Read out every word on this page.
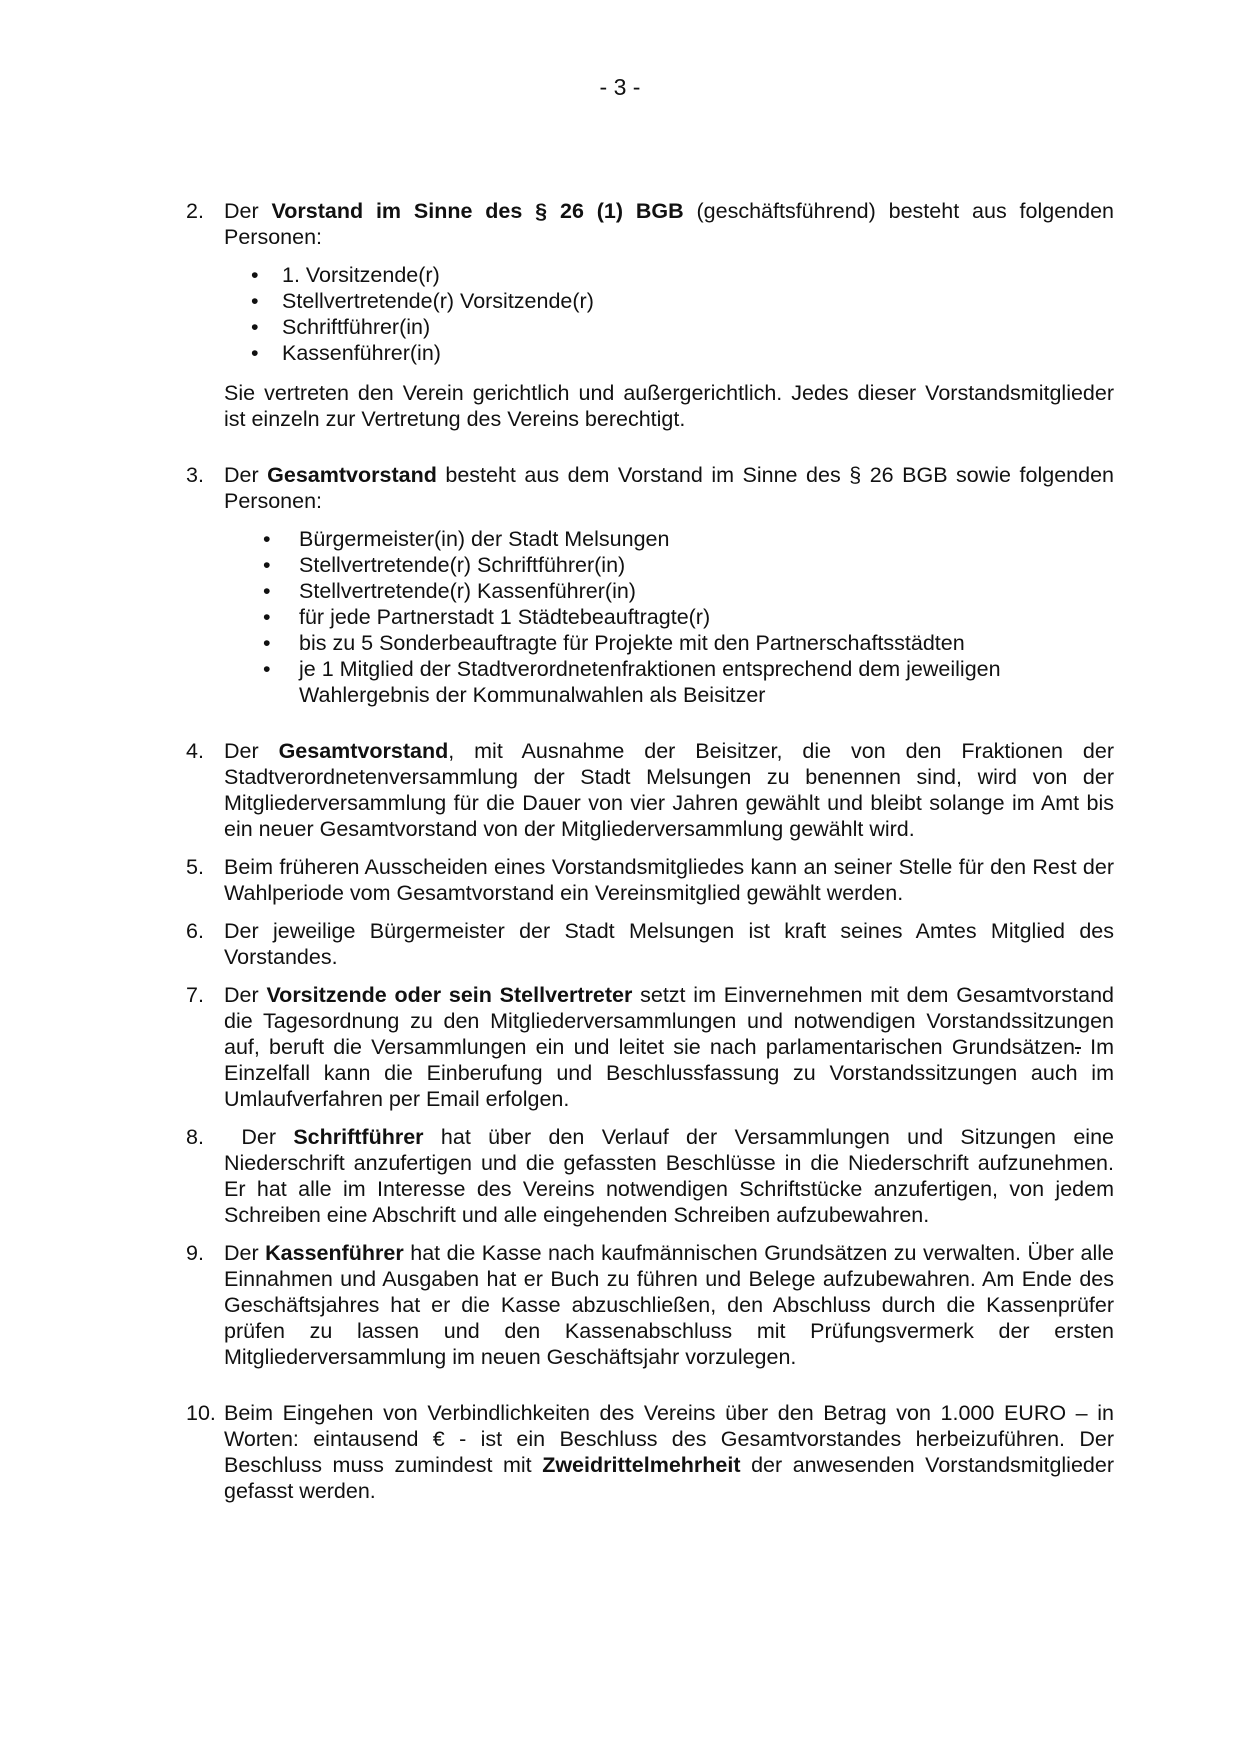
- 3 -
2. Der Vorstand im Sinne des § 26 (1) BGB (geschäftsführend) besteht aus folgenden Personen:

• 1. Vorsitzende(r)
• Stellvertretende(r) Vorsitzende(r)
• Schriftführer(in)
• Kassenführer(in)

Sie vertreten den Verein gerichtlich und außergerichtlich. Jedes dieser Vorstandsmitglieder ist einzeln zur Vertretung des Vereins berechtigt.

3. Der Gesamtvorstand besteht aus dem Vorstand im Sinne des § 26 BGB sowie folgenden Personen:

• Bürgermeister(in) der Stadt Melsungen
• Stellvertretende(r) Schriftführer(in)
• Stellvertretende(r) Kassenführer(in)
• für jede Partnerstadt 1 Städtebeauftragte(r)
• bis zu 5 Sonderbeauftragte für Projekte mit den Partnerschaftsstädten
• je 1 Mitglied der Stadtverordnetenfraktionen entsprechend dem jeweiligen Wahlergebnis der Kommunalwahlen als Beisitzer
4. Der Gesamtvorstand, mit Ausnahme der Beisitzer, die von den Fraktionen der Stadtverordnetenversammlung der Stadt Melsungen zu benennen sind, wird von der Mitgliederversammlung für die Dauer von vier Jahren gewählt und bleibt solange im Amt bis ein neuer Gesamtvorstand von der Mitgliederversammlung gewählt wird.

5. Beim früheren Ausscheiden eines Vorstandsmitgliedes kann an seiner Stelle für den Rest der Wahlperiode vom Gesamtvorstand ein Vereinsmitglied gewählt werden.

6. Der jeweilige Bürgermeister der Stadt Melsungen ist kraft seines Amtes Mitglied des Vorstandes.

7. Der Vorsitzende oder sein Stellvertreter setzt im Einvernehmen mit dem Gesamtvorstand die Tagesordnung zu den Mitgliederversammlungen und notwendigen Vorstandssitzungen auf, beruft die Versammlungen ein und leitet sie nach parlamentarischen Grundsätzen. Im Einzelfall kann die Einberufung und Beschlussfassung zu Vorstandssitzungen auch im Umlaufverfahren per Email erfolgen.

8. Der Schriftführer hat über den Verlauf der Versammlungen und Sitzungen eine Niederschrift anzufertigen und die gefassten Beschlüsse in die Niederschrift aufzunehmen. Er hat alle im Interesse des Vereins notwendigen Schriftstücke anzufertigen, von jedem Schreiben eine Abschrift und alle eingehenden Schreiben aufzubewahren.

9. Der Kassenführer hat die Kasse nach kaufmännischen Grundsätzen zu verwalten. Über alle Einnahmen und Ausgaben hat er Buch zu führen und Belege aufzubewahren. Am Ende des Geschäftsjahres hat er die Kasse abzuschließen, den Abschluss durch die Kassenprüfer prüfen zu lassen und den Kassenabschluss mit Prüfungsvermerk der ersten Mitgliederversammlung im neuen Geschäftsjahr vorzulegen.

10. Beim Eingehen von Verbindlichkeiten des Vereins über den Betrag von 1.000 EURO – in Worten: eintausend € - ist ein Beschluss des Gesamtvorstandes herbeizuführen. Der Beschluss muss zumindest mit Zweidrittelmehrheit der anwesenden Vorstandsmitglieder gefasst werden.
